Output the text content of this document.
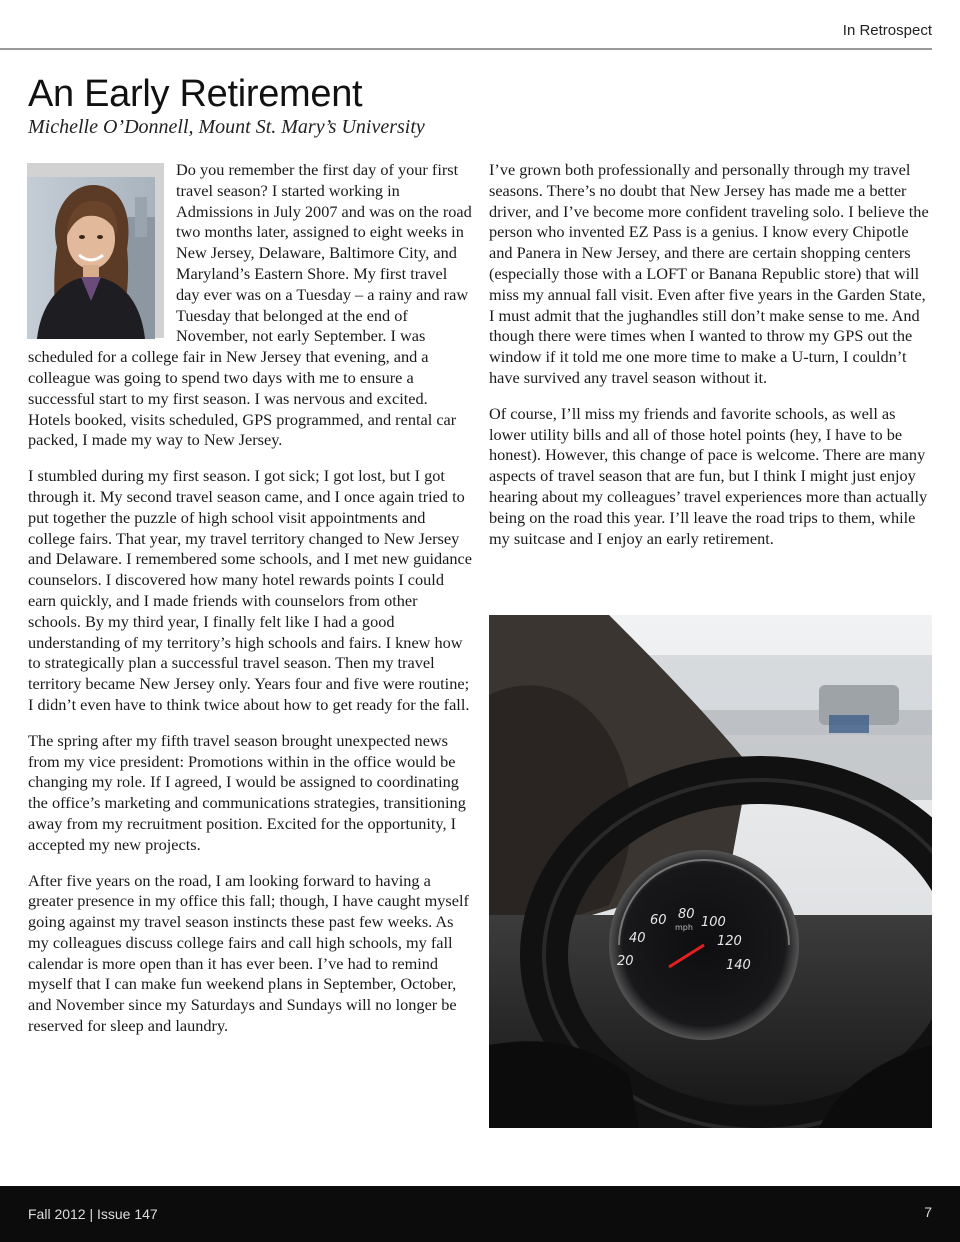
In Retrospect
An Early Retirement
Michelle O’Donnell, Mount St. Mary’s University

Do you remember the first day of your first travel season? I started working in Admissions in July 2007 and was on the road two months later, assigned to eight weeks in New Jersey, Delaware, Baltimore City, and Maryland’s Eastern Shore. My first travel day ever was on a Tuesday – a rainy and raw Tuesday that belonged at the end of November, not early September. I was scheduled for a college fair in New Jersey that evening, and a colleague was going to spend two days with me to ensure a successful start to my first season. I was nervous and excited. Hotels booked, visits scheduled, GPS programmed, and rental car packed, I made my way to New Jersey.

I stumbled during my first season. I got sick; I got lost, but I got through it. My second travel season came, and I once again tried to put together the puzzle of high school visit appointments and college fairs. That year, my travel territory changed to New Jersey and Delaware. I remembered some schools, and I met new guidance counselors. I discovered how many hotel rewards points I could earn quickly, and I made friends with counselors from other schools. By my third year, I finally felt like I had a good understanding of my territory’s high schools and fairs. I knew how to strategically plan a successful travel season. Then my travel territory became New Jersey only. Years four and five were routine; I didn’t even have to think twice about how to get ready for the fall.

The spring after my fifth travel season brought unexpected news from my vice president: Promotions within in the office would be changing my role. If I agreed, I would be assigned to coordinating the office’s marketing and communications strategies, transitioning away from my recruitment position. Excited for the opportunity, I accepted my new projects.

After five years on the road, I am looking forward to having a greater presence in my office this fall; though, I have caught myself going against my travel season instincts these past few weeks. As my colleagues discuss college fairs and call high schools, my fall calendar is more open than it has ever been. I’ve had to remind myself that I can make fun weekend plans in September, October, and November since my Saturdays and Sundays will no longer be reserved for sleep and laundry.

I’ve grown both professionally and personally through my travel seasons. There’s no doubt that New Jersey has made me a better driver, and I’ve become more confident traveling solo. I believe the person who invented EZ Pass is a genius. I know every Chipotle and Panera in New Jersey, and there are certain shopping centers (especially those with a LOFT or Banana Republic store) that will miss my annual fall visit. Even after five years in the Garden State, I must admit that the jughandles still don’t make sense to me. And though there were times when I wanted to throw my GPS out the window if it told me one more time to make a U-turn, I couldn’t have survived any travel season without it.

Of course, I’ll miss my friends and favorite schools, as well as lower utility bills and all of those hotel points (hey, I have to be honest). However, this change of pace is welcome. There are many aspects of travel season that are fun, but I think I might just enjoy hearing about my colleagues’ travel experiences more than actually being on the road this year. I’ll leave the road trips to them, while my suitcase and I enjoy an early retirement.

20
40
60 80
100
120
140
mph
Fall 2012 | Issue 147	7
